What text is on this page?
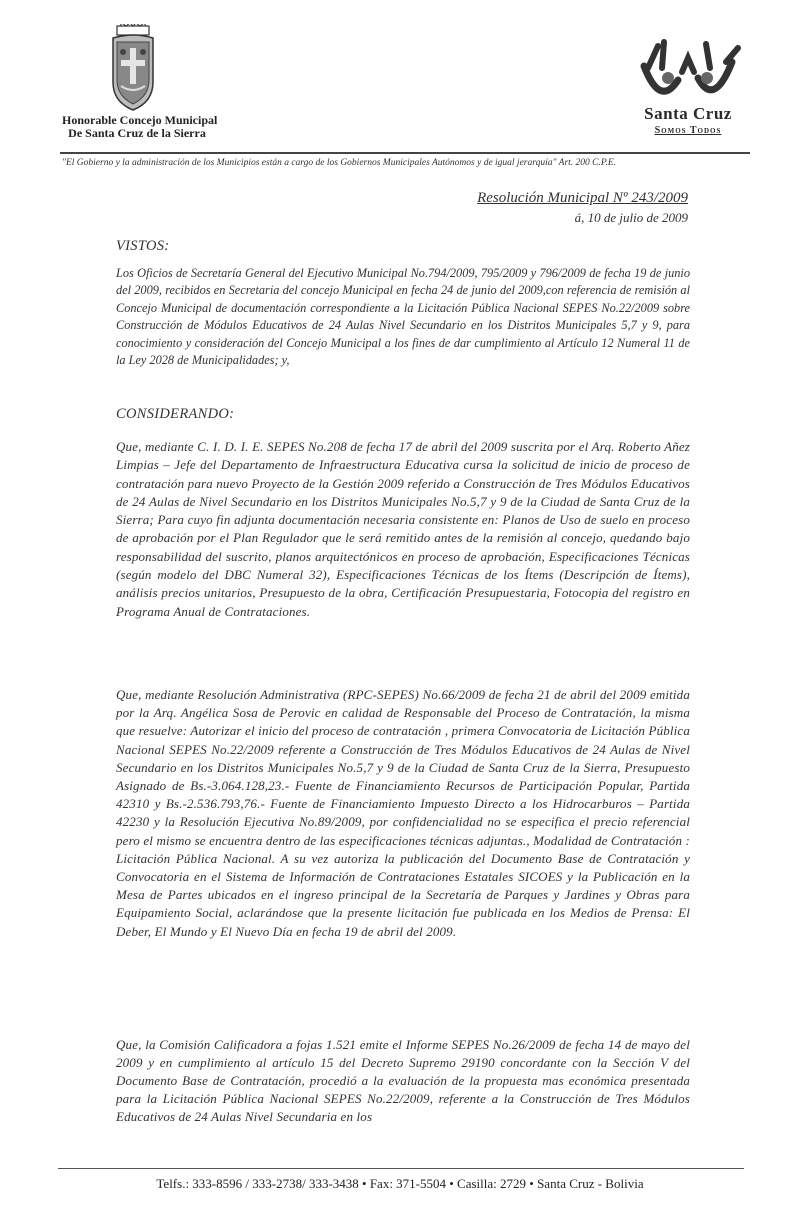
Honorable Concejo Municipal
De Santa Cruz de la Sierra
Santa Cruz
Somos Todos
"El Gobierno y la administración de los Municipios están a cargo de los Gobiernos Municipales Autónomos y de igual jerarquía" Art. 200 C.P.E.
Resolución Municipal Nº 243/2009
á, 10 de julio de 2009
VISTOS:
Los Oficios de Secretaría General del Ejecutivo Municipal No.794/2009, 795/2009 y 796/2009 de fecha 19 de junio del 2009, recibidos en Secretaria del concejo Municipal en fecha 24 de junio del 2009,con referencia de remisión al Concejo Municipal de documentación correspondiente a la Licitación Pública Nacional SEPES No.22/2009 sobre Construcción de Módulos Educativos de 24 Aulas Nivel Secundario en los Distritos Municipales 5,7 y 9, para conocimiento y consideración del Concejo Municipal a los fines de dar cumplimiento al Artículo 12 Numeral 11 de la Ley 2028 de Municipalidades; y,
CONSIDERANDO:
Que, mediante C. I. D. I. E. SEPES No.208 de fecha 17 de abril del 2009 suscrita por el Arq. Roberto Añez Limpias – Jefe del Departamento de Infraestructura Educativa cursa la solicitud de inicio de proceso de contratación para nuevo Proyecto de la Gestión 2009 referido a Construcción de Tres Módulos Educativos de 24 Aulas de Nivel Secundario en los Distritos Municipales No.5,7 y 9 de la Ciudad de Santa Cruz de la Sierra; Para cuyo fin adjunta documentación necesaria consistente en: Planos de Uso de suelo en proceso de aprobación por el Plan Regulador que le será remitido antes de la remisión al concejo, quedando bajo responsabilidad del suscrito, planos arquitectónicos en proceso de aprobación, Especificaciones Técnicas (según modelo del DBC Numeral 32), Especificaciones Técnicas de los Ítems (Descripción de Ítems), análisis precios unitarios, Presupuesto de la obra, Certificación Presupuestaria, Fotocopia del registro en Programa Anual de Contrataciones.
Que, mediante Resolución Administrativa (RPC-SEPES) No.66/2009 de fecha 21 de abril del 2009 emitida por la Arq. Angélica Sosa de Perovic en calidad de Responsable del Proceso de Contratación, la misma que resuelve: Autorizar el inicio del proceso de contratación , primera Convocatoria de Licitación Pública Nacional SEPES No.22/2009 referente a Construcción de Tres Módulos Educativos de 24 Aulas de Nivel Secundario en los Distritos Municipales No.5,7 y 9 de la Ciudad de Santa Cruz de la Sierra, Presupuesto Asignado de Bs.-3.064.128,23.- Fuente de Financiamiento Recursos de Participación Popular, Partida 42310 y Bs.-2.536.793,76.- Fuente de Financiamiento Impuesto Directo a los Hidrocarburos – Partida 42230 y la Resolución Ejecutiva No.89/2009, por confidencialidad no se especifica el precio referencial pero el mismo se encuentra dentro de las especificaciones técnicas adjuntas., Modalidad de Contratación : Licitación Pública Nacional. A su vez autoriza la publicación del Documento Base de Contratación y Convocatoria en el Sistema de Información de Contrataciones Estatales SICOES y la Publicación en la Mesa de Partes ubicados en el ingreso principal de la Secretaría de Parques y Jardines y Obras para Equipamiento Social, aclarándose que la presente licitación fue publicada en los Medios de Prensa: El Deber, El Mundo y El Nuevo Día en fecha 19 de abril del 2009.
Que, la Comisión Calificadora a fojas 1.521 emite el Informe SEPES No.26/2009 de fecha 14 de mayo del 2009 y en cumplimiento al artículo 15 del Decreto Supremo 29190 concordante con la Sección V del Documento Base de Contratación, procedió a la evaluación de la propuesta mas económica presentada para la Licitación Pública Nacional SEPES No.22/2009, referente a la Construcción de Tres Módulos Educativos de 24 Aulas Nivel Secundaria en los
Telfs.: 333-8596 / 333-2738/ 333-3438 • Fax: 371-5504 • Casilla: 2729 • Santa Cruz - Bolivia
